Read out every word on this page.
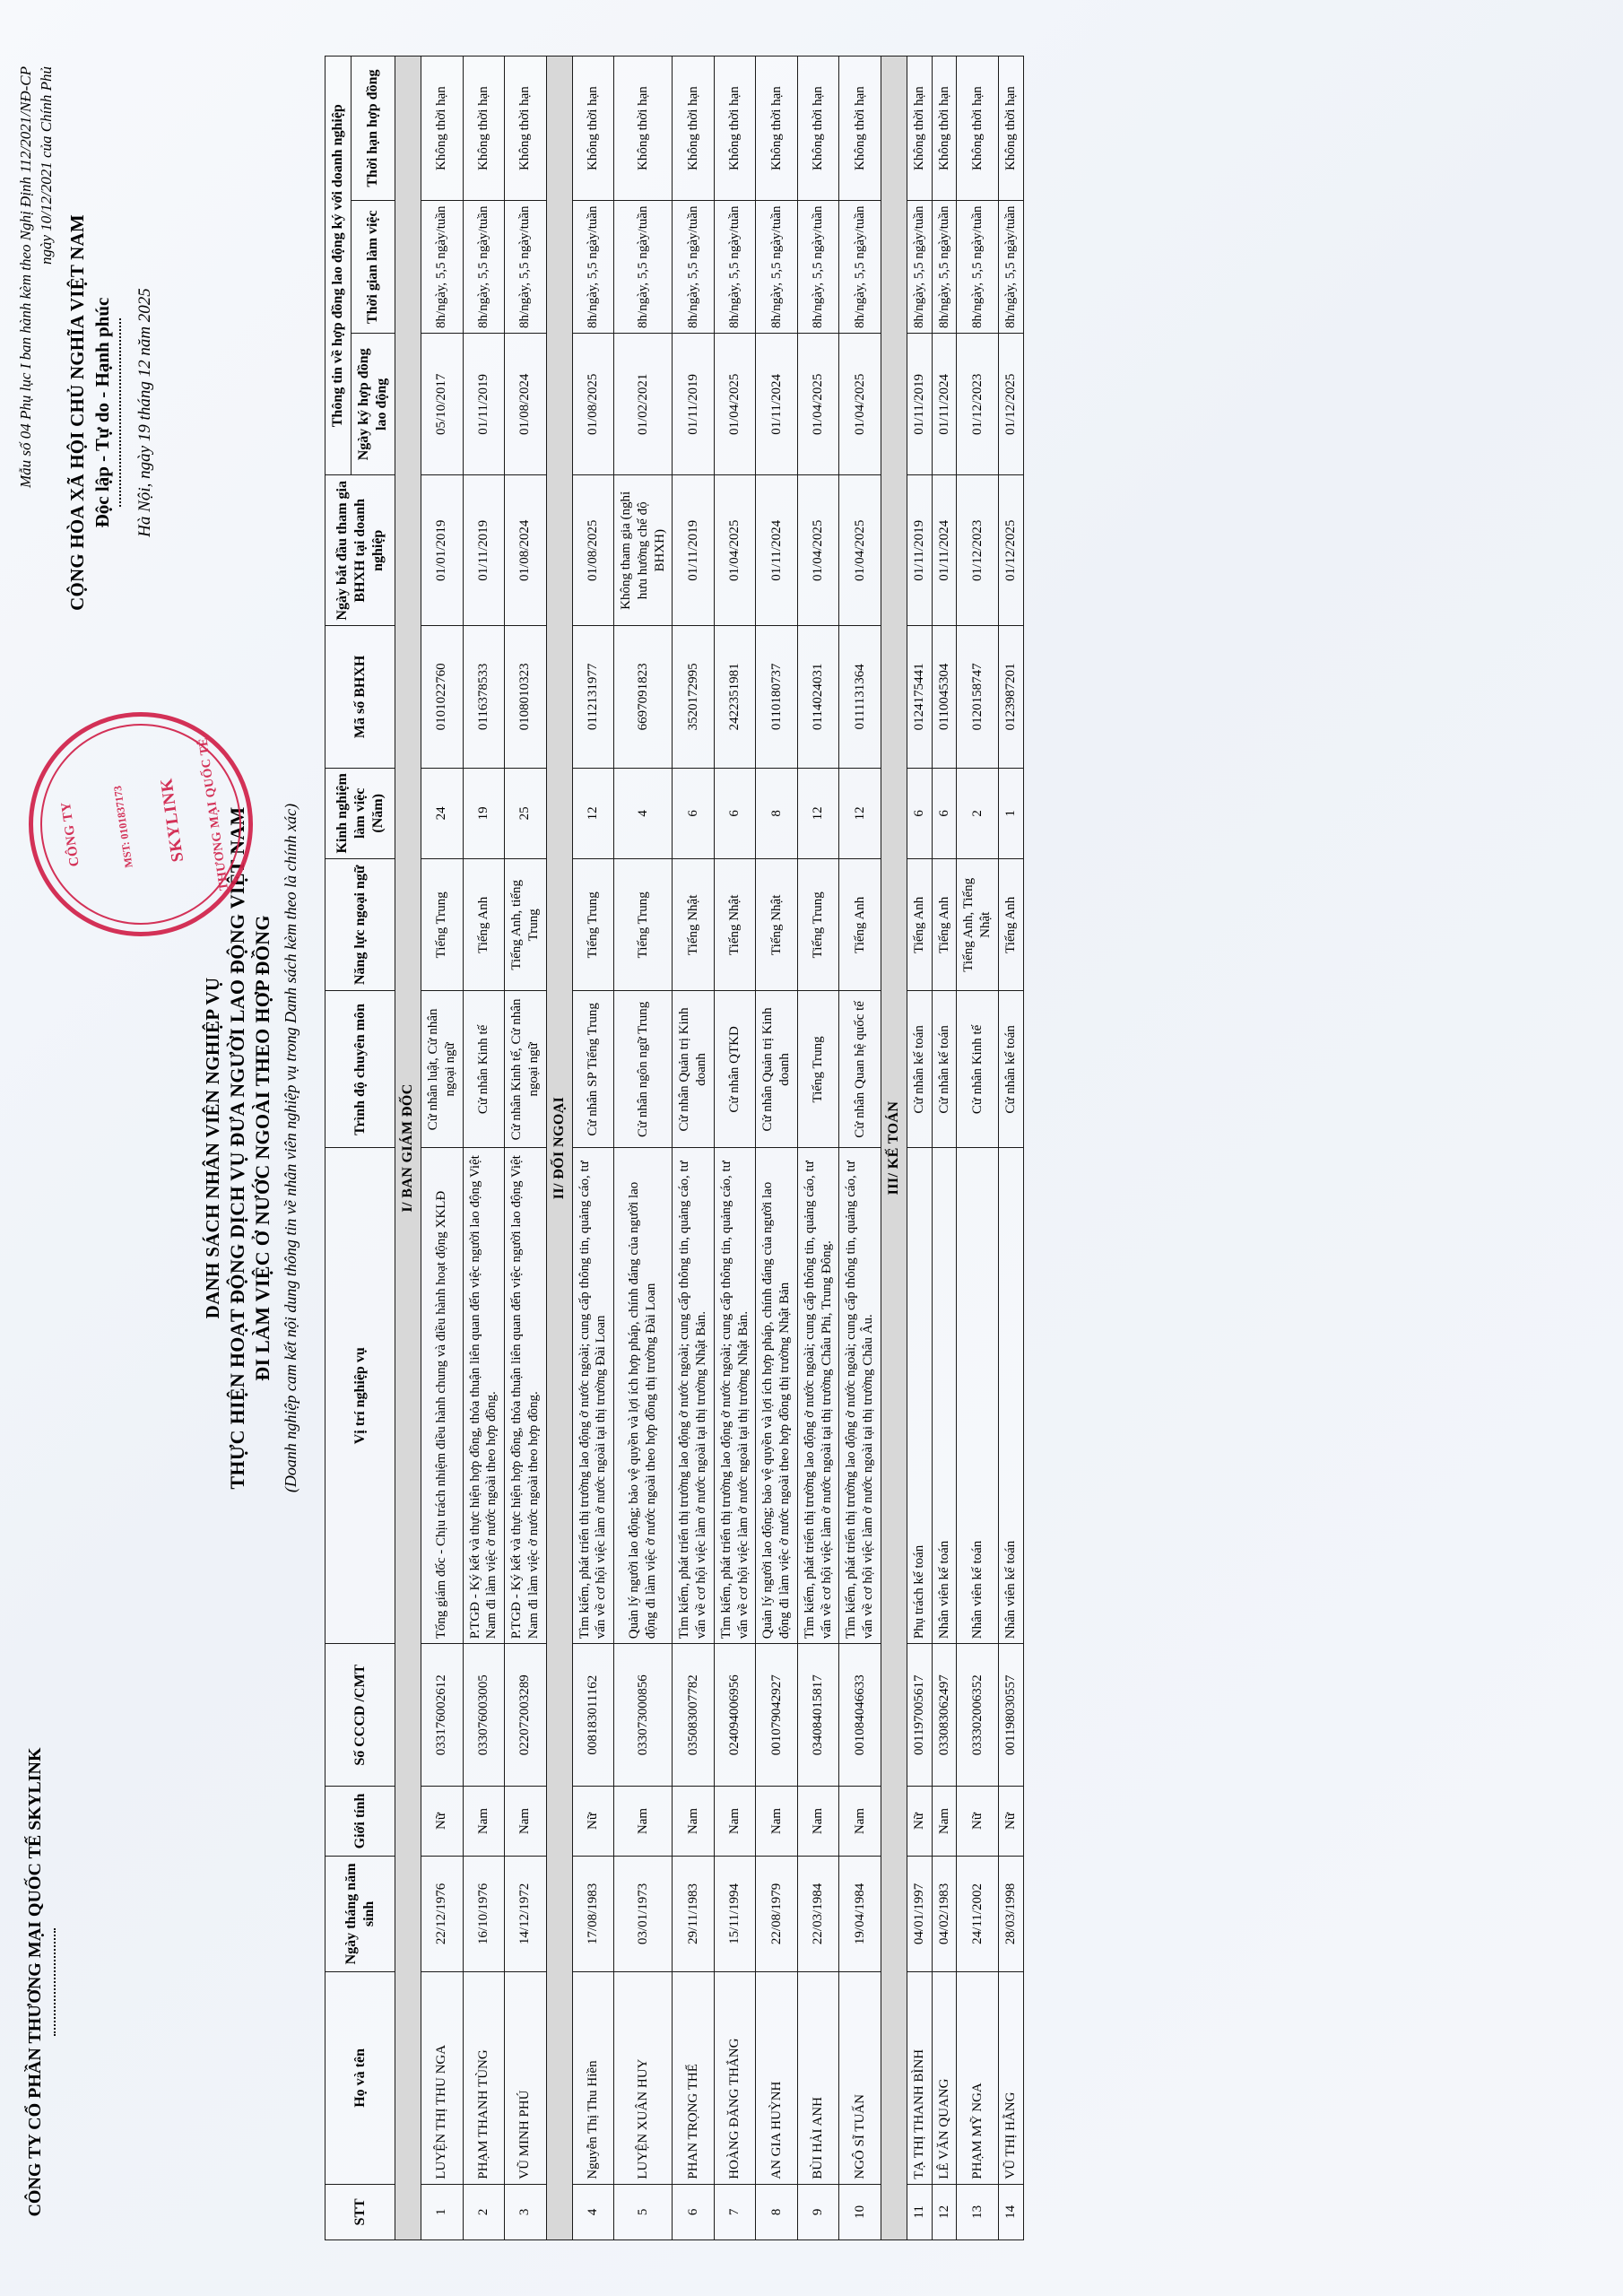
CÔNG TY CỔ PHẦN THƯƠNG MẠI QUỐC TẾ SKYLINK
Mẫu số 04 Phụ lục I ban hành kèm theo Nghị Định 112/2021/NĐ-CP ngày 10/12/2021 của Chính Phủ
CỘNG HÒA XÃ HỘI CHỦ NGHĨA VIỆT NAM Độc lập - Tự do - Hạnh phúc Hà Nội, ngày 19 tháng 12 năm 2025
DANH SÁCH NHÂN VIÊN NGHIỆP VỤ THỰC HIỆN HOẠT ĐỘNG DỊCH VỤ ĐƯA NGƯỜI LAO ĐỘNG VIỆT NAM ĐI LÀM VIỆC Ở NƯỚC NGOÀI THEO HỢP ĐỒNG (Doanh nghiệp cam kết nội dung thông tin về nhân viên nghiệp vụ trong Danh sách kèm theo là chính xác)
STT	Họ và tên	Ngày tháng năm sinh	Giới tính	Số CCCD /CMT	Vị trí nghiệp vụ	Trình độ chuyên môn	Năng lực ngoại ngữ	Kinh nghiệm làm việc (Năm)	Mã số BHXH	Ngày bắt đầu tham gia BHXH tại doanh nghiệp	Thông tin về hợp đồng lao động ký với doanh nghiệp		
											Ngày ký hợp đồng lao động	Thời gian làm việc	Thời hạn hợp đồng
I/ BAN GIÁM ĐỐC													
1	LUYỆN THỊ THU NGA	22/12/1976	Nữ	033176002612	Tổng giám đốc - Chịu trách nhiệm điều hành chung và điều hành hoạt động XKLĐ	Cử nhân luật, Cử nhân ngoại ngữ	Tiếng Trung	24	0101022760	01/01/2019	05/10/2017	8h/ngày, 5,5 ngày/tuần	Không thời hạn
2	PHẠM THANH TÙNG	16/10/1976	Nam	033076003005	P.TGĐ - Ký kết và thực hiện hợp đồng, thỏa thuận liên quan đến việc người lao động Việt Nam đi làm việc ở nước ngoài theo hợp đồng.	Cử nhân Kinh tế	Tiếng Anh	19	0116378533	01/11/2019	01/11/2019	8h/ngày, 5,5 ngày/tuần	Không thời hạn
3	VŨ MINH PHÚ	14/12/1972	Nam	022072003289	P.TGĐ - Ký kết và thực hiện hợp đồng, thỏa thuận liên quan đến việc người lao động Việt Nam đi làm việc ở nước ngoài theo hợp đồng.	Cử nhân Kinh tế, Cử nhân ngoại ngữ	Tiếng Anh, tiếng Trung	25	0108010323	01/08/2024	01/08/2024	8h/ngày, 5,5 ngày/tuần	Không thời hạn
II/ ĐỐI NGOẠI													
4	Nguyễn Thị Thu Hiền	17/08/1983	Nữ	008183011162	Tìm kiếm, phát triển thị trường lao động ở nước ngoài; cung cấp thông tin, quảng cáo, tư vấn về cơ hội việc làm ở nước ngoài tại thị trường Đài Loan	Cử nhân SP Tiếng Trung	Tiếng Trung	12	0112131977	01/08/2025	01/08/2025	8h/ngày, 5,5 ngày/tuần	Không thời hạn
5	LUYỆN XUÂN HUY	03/01/1973	Nam	033073000856	Quản lý người lao động; bảo vệ quyền và lợi ích hợp pháp, chính đáng của người lao động đi làm việc ở nước ngoài theo hợp đồng thị trường Đài Loan	Cử nhân ngôn ngữ Trung	Tiếng Trung	4	6697091823	Không tham gia (nghỉ hưu hưởng chế độ BHXH)	01/02/2021	8h/ngày, 5,5 ngày/tuần	Không thời hạn
6	PHAN TRỌNG THỂ	29/11/1983	Nam	035083007782	Tìm kiếm, phát triển thị trường lao động ở nước ngoài; cung cấp thông tin, quảng cáo, tư vấn về cơ hội việc làm ở nước ngoài tại thị trường Nhật Bản.	Cử nhân Quản trị Kinh doanh	Tiếng Nhật	6	3520172995	01/11/2019	01/11/2019	8h/ngày, 5,5 ngày/tuần	Không thời hạn
7	HOÀNG ĐĂNG THẮNG	15/11/1994	Nam	024094006956	Tìm kiếm, phát triển thị trường lao động ở nước ngoài; cung cấp thông tin, quảng cáo, tư vấn về cơ hội việc làm ở nước ngoài tại thị trường Nhật Bản.	Cử nhân QTKD	Tiếng Nhật	6	2422351981	01/04/2025	01/04/2025	8h/ngày, 5,5 ngày/tuần	Không thời hạn
8	AN GIA HUỲNH	22/08/1979	Nam	001079042927	Quản lý người lao động; bảo vệ quyền và lợi ích hợp pháp, chính đáng của người lao động đi làm việc ở nước ngoài theo hợp đồng thị trường Nhật Bản	Cử nhân Quản trị Kinh doanh	Tiếng Nhật	8	0110180737	01/11/2024	01/11/2024	8h/ngày, 5,5 ngày/tuần	Không thời hạn
9	BÙI HẢI ANH	22/03/1984	Nam	034084015817	Tìm kiếm, phát triển thị trường lao động ở nước ngoài; cung cấp thông tin, quảng cáo, tư vấn về cơ hội việc làm ở nước ngoài tại thị trường Châu Phi, Trung Đông.	Tiếng Trung	Tiếng Trung	12	0114024031	01/04/2025	01/04/2025	8h/ngày, 5,5 ngày/tuần	Không thời hạn
10	NGÔ SĨ TUẤN	19/04/1984	Nam	001084046633	Tìm kiếm, phát triển thị trường lao động ở nước ngoài; cung cấp thông tin, quảng cáo, tư vấn về cơ hội việc làm ở nước ngoài tại thị trường Châu Âu.	Cử nhân Quan hệ quốc tế	Tiếng Anh	12	0111131364	01/04/2025	01/04/2025	8h/ngày, 5,5 ngày/tuần	Không thời hạn
III/ KẾ TOÁN													
11	TẠ THỊ THANH BÌNH	04/01/1997	Nữ	001197005617	Phụ trách kế toán	Cử nhân kế toán	Tiếng Anh	6	0124175441	01/11/2019	01/11/2019	8h/ngày, 5,5 ngày/tuần	Không thời hạn
12	LÊ VĂN QUANG	04/02/1983	Nam	033083062497	Nhân viên kế toán	Cử nhân kế toán	Tiếng Anh	6	0110045304	01/11/2024	01/11/2024	8h/ngày, 5,5 ngày/tuần	Không thời hạn
13	PHẠM MỸ NGA	24/11/2002	Nữ	033302006352	Nhân viên kế toán	Cử nhân Kinh tế	Tiếng Anh, Tiếng Nhật	2	0120158747	01/12/2023	01/12/2023	8h/ngày, 5,5 ngày/tuần	Không thời hạn
14	VŨ THỊ HẰNG	28/03/1998	Nữ	001198030557	Nhân viên kế toán	Cử nhân kế toán	Tiếng Anh	1	0123987201	01/12/2025	01/12/2025	8h/ngày, 5,5 ngày/tuần	Không thời hạn
CÔNG TY	MST: 0101837173	SKYLINK THƯƠNG MẠI QUỐC TẾ
